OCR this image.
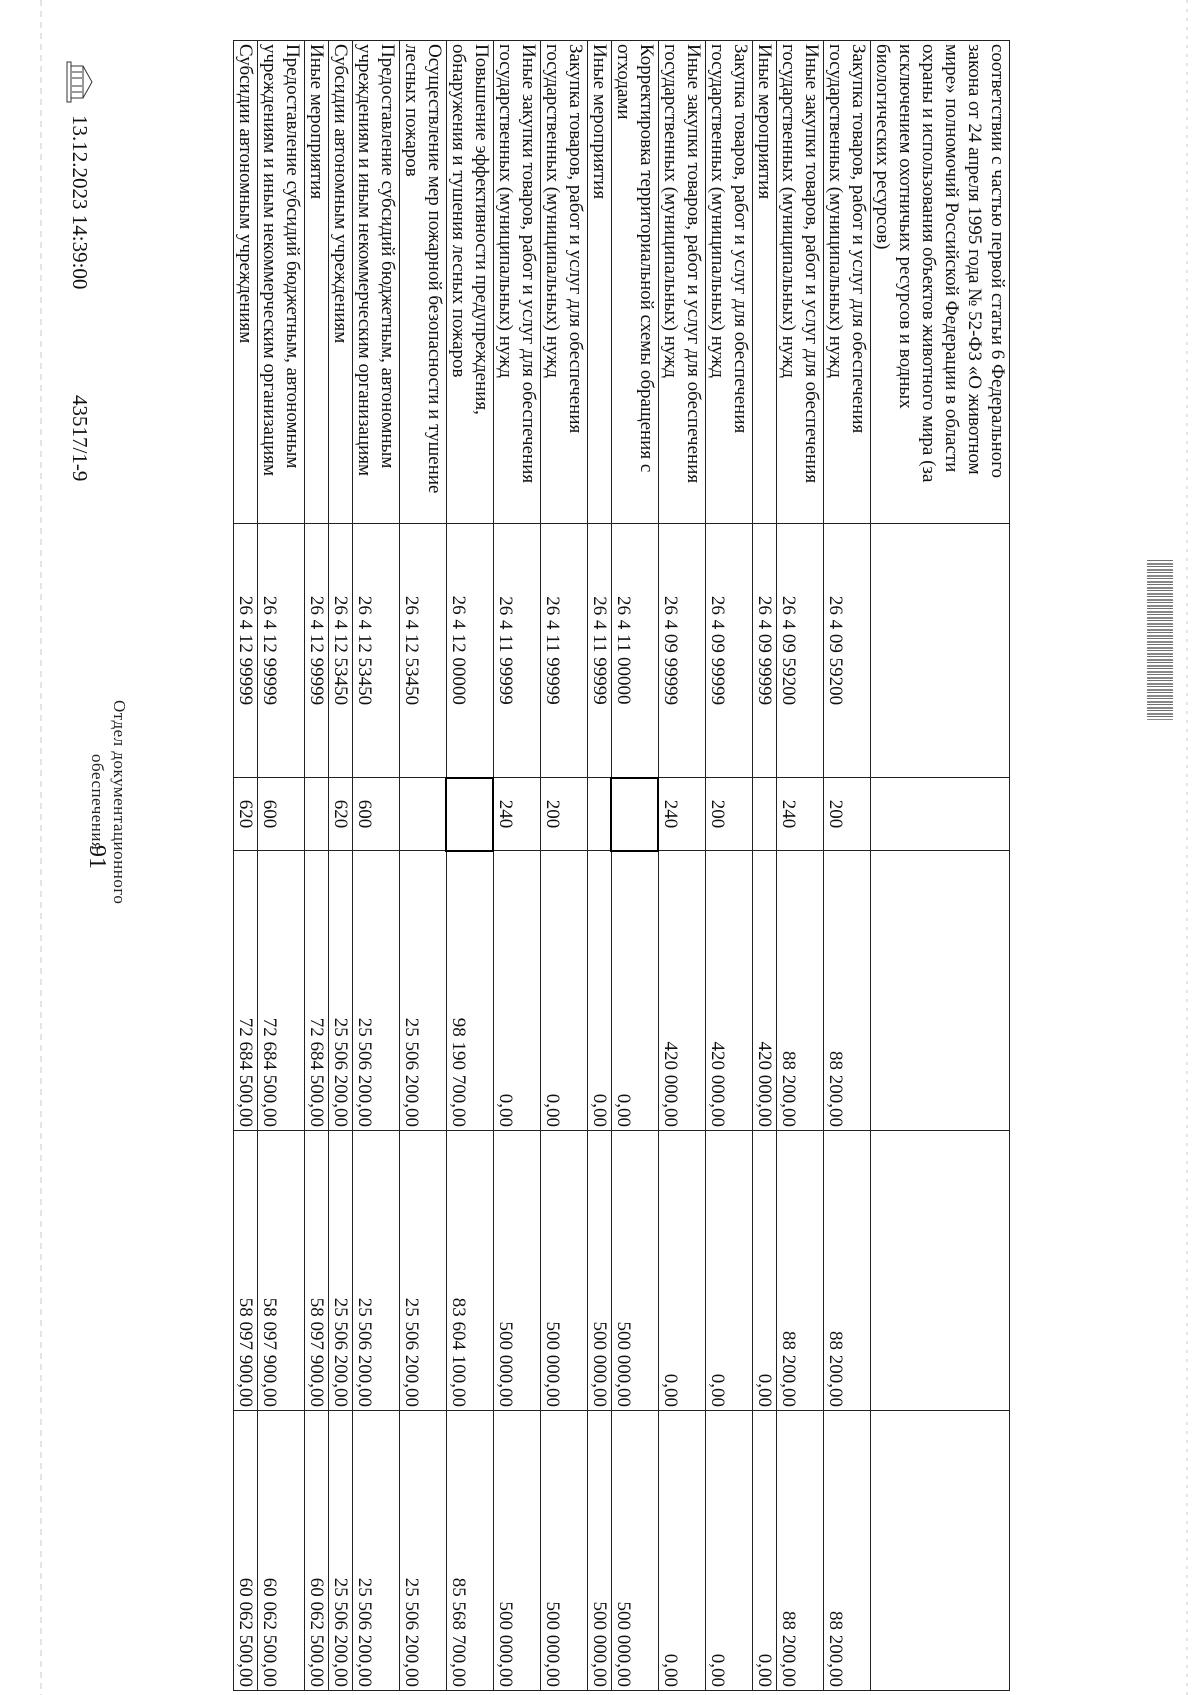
91
соответствии с частью первой статьи 6 Федерального закона от 24 апреля 1995 года № 52-ФЗ «О животном мире» полномочий Российской Федерации в области охраны и использования объектов животного мира (за исключением охотничьих ресурсов и водных биологических ресурсов)					
Закупка товаров, работ и услуг для обеспечения государственных (муниципальных) нужд	26 4 09 59200	200	88 200,00	88 200,00	88 200,00
Иные закупки товаров, работ и услуг для обеспечения государственных (муниципальных) нужд	26 4 09 59200	240	88 200,00	88 200,00	88 200,00
Иные мероприятия	26 4 09 99999		420 000,00	0,00	0,00
Закупка товаров, работ и услуг для обеспечения государственных (муниципальных) нужд	26 4 09 99999	200	420 000,00	0,00	0,00
Иные закупки товаров, работ и услуг для обеспечения государственных (муниципальных) нужд	26 4 09 99999	240	420 000,00	0,00	0,00
Корректировка территориальной схемы обращения с отходами	26 4 11 00000		0,00	500 000,00	500 000,00
Иные мероприятия	26 4 11 99999		0,00	500 000,00	500 000,00
Закупка товаров, работ и услуг для обеспечения государственных (муниципальных) нужд	26 4 11 99999	200	0,00	500 000,00	500 000,00
Иные закупки товаров, работ и услуг для обеспечения государственных (муниципальных) нужд	26 4 11 99999	240	0,00	500 000,00	500 000,00
Повышение эффективности предупреждения, обнаружения и тушения лесных пожаров	26 4 12 00000		98 190 700,00	83 604 100,00	85 568 700,00
Осуществление мер пожарной безопасности и тушение лесных пожаров	26 4 12 53450		25 506 200,00	25 506 200,00	25 506 200,00
Предоставление субсидий бюджетным, автономным учреждениям и иным некоммерческим организациям	26 4 12 53450	600	25 506 200,00	25 506 200,00	25 506 200,00
Субсидии автономным учреждениям	26 4 12 53450	620	25 506 200,00	25 506 200,00	25 506 200,00
Иные мероприятия	26 4 12 99999		72 684 500,00	58 097 900,00	60 062 500,00
Предоставление субсидий бюджетным, автономным учреждениям и иным некоммерческим организациям	26 4 12 99999	600	72 684 500,00	58 097 900,00	60 062 500,00
Субсидии автономным учреждениям	26 4 12 99999	620	72 684 500,00	58 097 900,00	60 062 500,00
13.12.2023 14:39:00
43517/1-9
Отдел документационного
обеспечения
